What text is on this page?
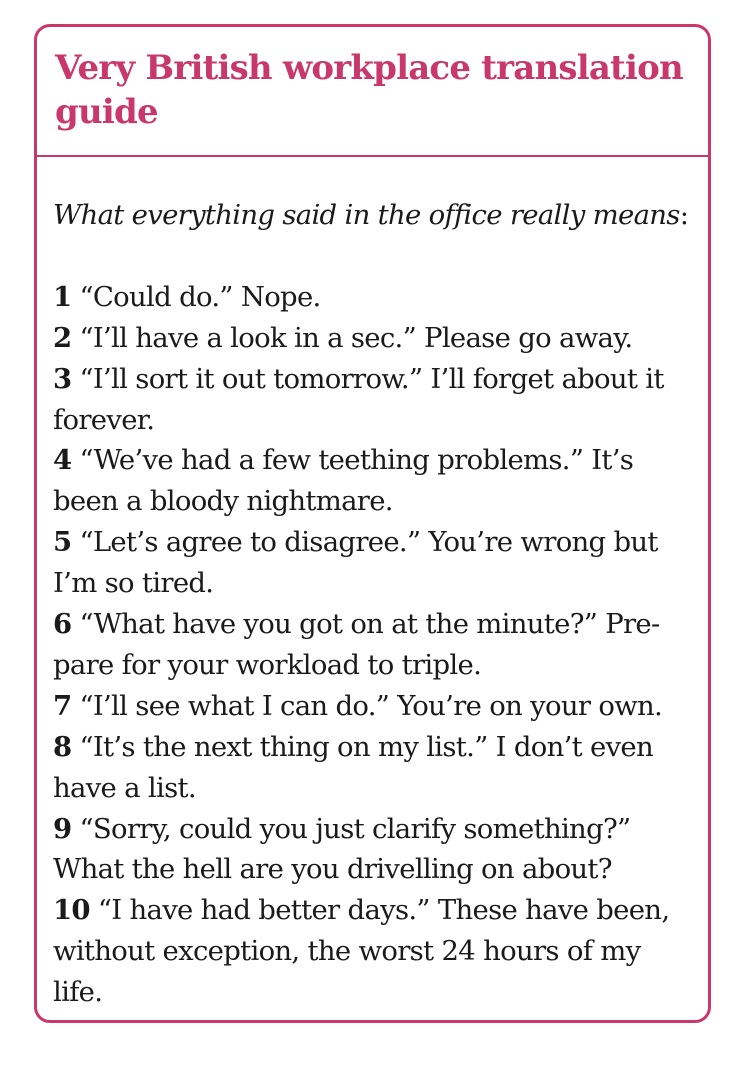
Very British workplace translation guide

What everything said in the office really means:

1 “Could do.” Nope.
2 “I’ll have a look in a sec.” Please go away.
3 “I’ll sort it out tomorrow.” I’ll forget about it forever.
4 “We’ve had a few teething problems.” It’s been a bloody nightmare.
5 “Let’s agree to disagree.” You’re wrong but I’m so tired.
6 “What have you got on at the minute?” Pre-pare for your workload to triple.
7 “I’ll see what I can do.” You’re on your own.
8 “It’s the next thing on my list.” I don’t even have a list.
9 “Sorry, could you just clarify something?” What the hell are you drivelling on about?
10 “I have had better days.” These have been, without exception, the worst 24 hours of my life.
